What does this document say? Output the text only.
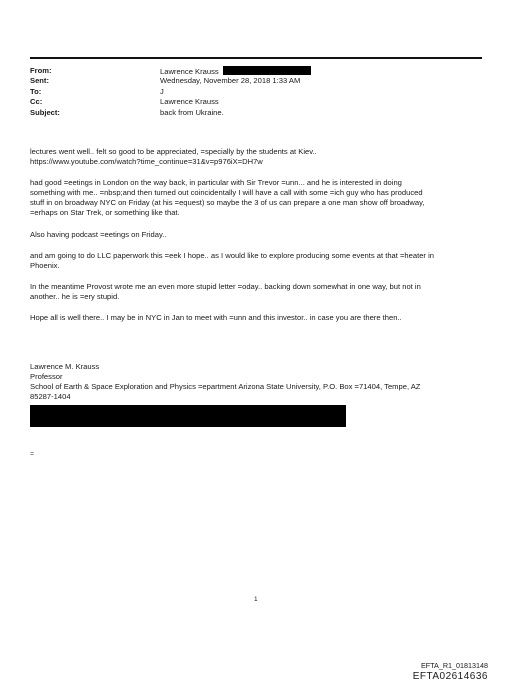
From:	Lawrence Krauss
Sent:	Wednesday, November 28, 2018 1:33 AM
To:	J
Cc:	Lawrence Krauss
Subject:	back from Ukraine.

lectures went well.. felt so good to be appreciated, =specially by the students at Kiev..
https://www.youtube.com/watch?time_continue=31&v=p976iX=DH7w

had good =eetings in London on the way back, in particular with Sir Trevor =unn... and he is interested in doing
something with me.. =nbsp;and then turned out coincidentally I will have a call with some =ich guy who has produced
stuff in on broadway NYC on Friday (at his =equest) so maybe the 3 of us can prepare a one man show off broadway,
=erhaps on Star Trek, or something like that.

Also having podcast =eetings on Friday..

and am going to do LLC paperwork this =eek I hope.. as I would like to explore producing some events at that =heater in
Phoenix.

In the meantime Provost wrote me an even more stupid letter =oday.. backing down somewhat in one way, but not in
another.. he is =ery stupid.

Hope all is well there.. I may be in NYC in Jan to meet with =unn and this investor.. in case you are there then..

Lawrence M. Krauss
Professor
School of Earth & Space Exploration and Physics =epartment Arizona State University, P.O. Box =71404, Tempe, AZ
85287-1404
=
1
EFTA_R1_01813148
EFTA02614636
